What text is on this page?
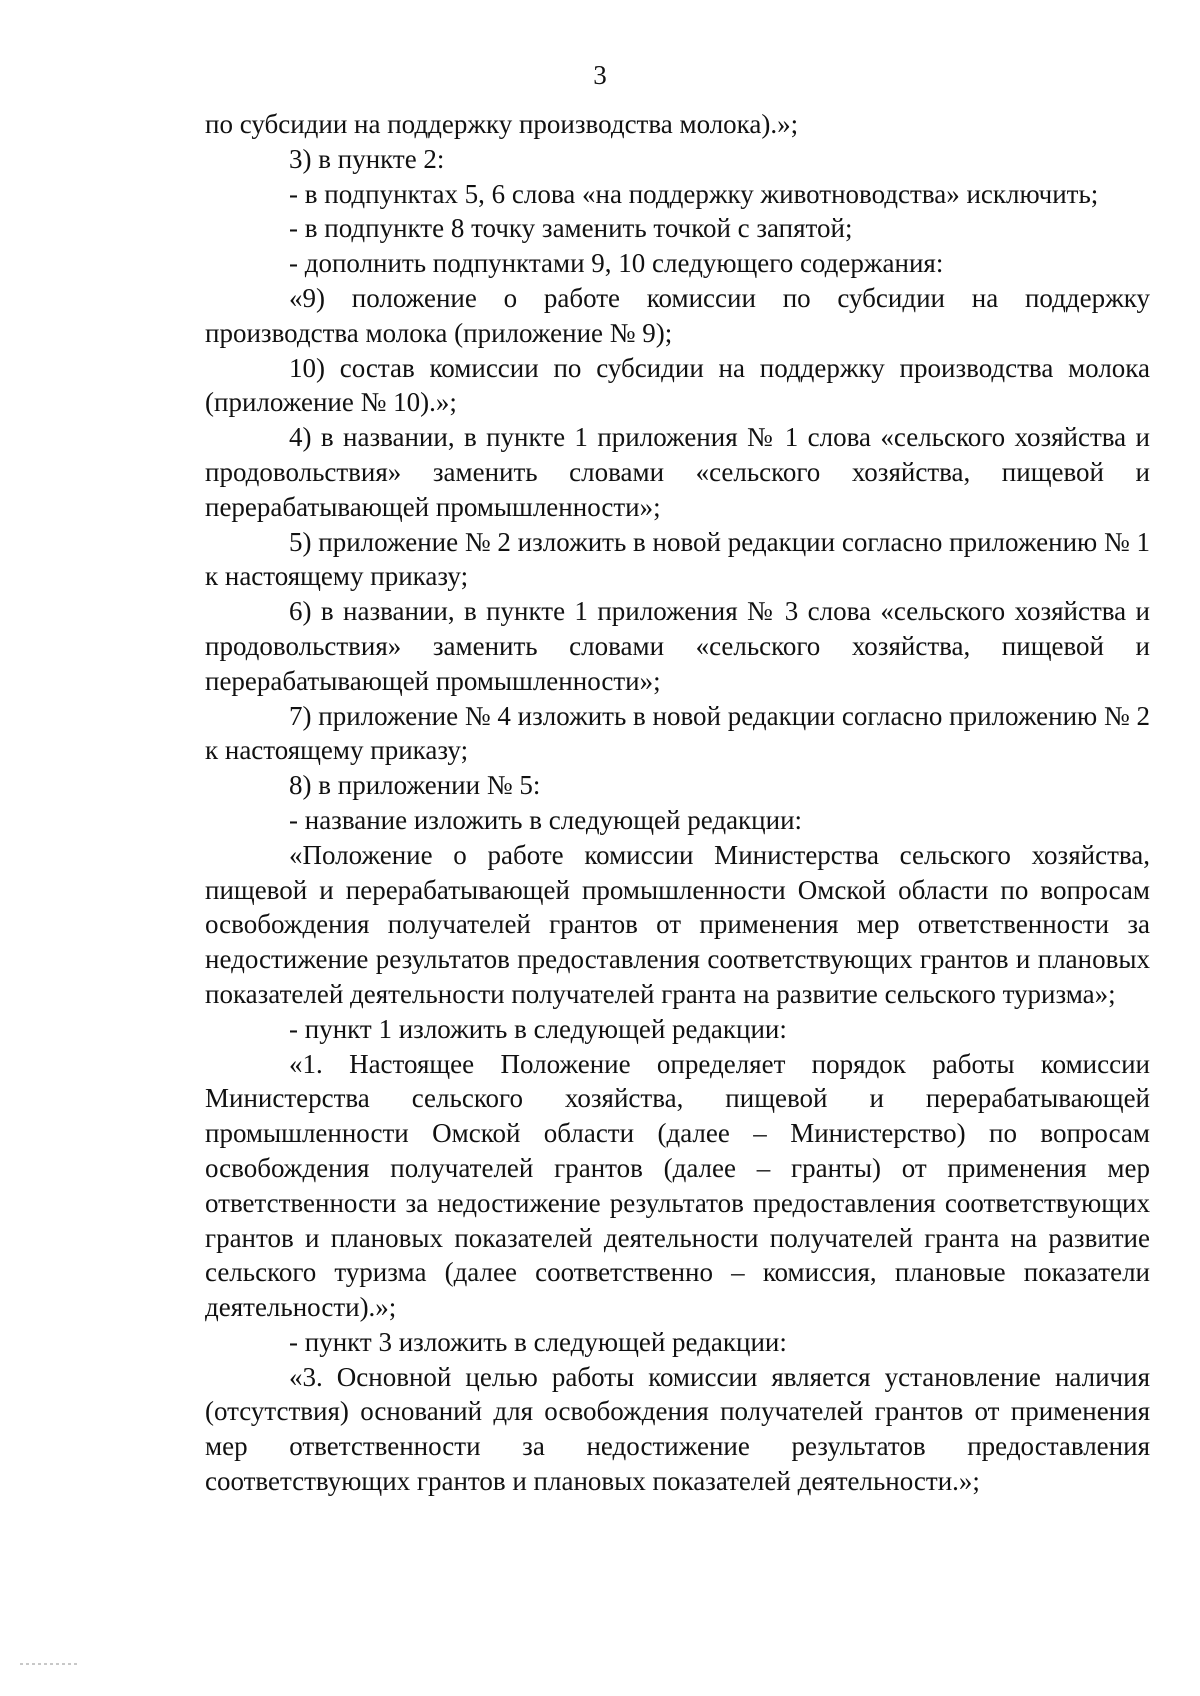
3

по субсидии на поддержку производства молока).»;

3) в пункте 2:

- в подпунктах 5, 6 слова «на поддержку животноводства» исключить;

- в подпункте 8 точку заменить точкой с запятой;

- дополнить подпунктами 9, 10 следующего содержания:

«9) положение о работе комиссии по субсидии на поддержку производства молока (приложение № 9);

10) состав комиссии по субсидии на поддержку производства молока (приложение № 10).»;

4) в названии, в пункте 1 приложения № 1 слова «сельского хозяйства и продовольствия» заменить словами «сельского хозяйства, пищевой и перерабатывающей промышленности»;

5) приложение № 2 изложить в новой редакции согласно приложению № 1 к настоящему приказу;

6) в названии, в пункте 1 приложения № 3 слова «сельского хозяйства и продовольствия» заменить словами «сельского хозяйства, пищевой и перерабатывающей промышленности»;

7) приложение № 4 изложить в новой редакции согласно приложению № 2 к настоящему приказу;

8) в приложении № 5:

- название изложить в следующей редакции:

«Положение о работе комиссии Министерства сельского хозяйства, пищевой и перерабатывающей промышленности Омской области по вопросам освобождения получателей грантов от применения мер ответственности за недостижение результатов предоставления соответствующих грантов и плановых показателей деятельности получателей гранта на развитие сельского туризма»;

- пункт 1 изложить в следующей редакции:

«1. Настоящее Положение определяет порядок работы комиссии Министерства сельского хозяйства, пищевой и перерабатывающей промышленности Омской области (далее – Министерство) по вопросам освобождения получателей грантов (далее – гранты) от применения мер ответственности за недостижение результатов предоставления соответствующих грантов и плановых показателей деятельности получателей гранта на развитие сельского туризма (далее соответственно – комиссия, плановые показатели деятельности).»;

- пункт 3 изложить в следующей редакции:

«3. Основной целью работы комиссии является установление наличия (отсутствия) оснований для освобождения получателей грантов от применения мер ответственности за недостижение результатов предоставления соответствующих грантов и плановых показателей деятельности.»;
